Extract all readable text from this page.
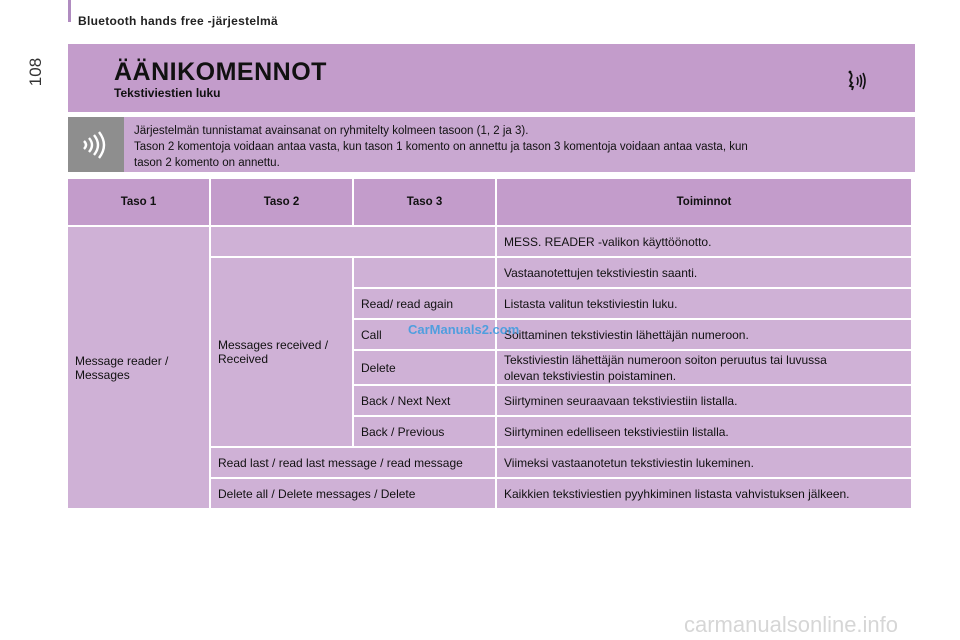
Bluetooth hands free -järjestelmä
108	ÄÄNIKOMENNOT
Tekstiviestien luku
Järjestelmän tunnistamat avainsanat on ryhmitelty kolmeen tasoon (1, 2 ja 3).
Tason 2 komentoja voidaan antaa vasta, kun tason 1 komento on annettu ja tason 3 komentoja voidaan antaa vasta, kun
tason 2 komento on annettu.
Taso 1	Taso 2	Taso 3	Toiminnot

Message reader /
Messages			MESS. READER -valikon käyttöönotto.

	Messages received /
Received		Vastaanotettujen tekstiviestin saanti.
		Read/ read again	Listasta valitun tekstiviestin luku.
		Call	Soittaminen tekstiviestin lähettäjän numeroon.
		Delete	Tekstiviestin lähettäjän numeroon soiton peruutus tai luvussa
olevan tekstiviestin poistaminen.

		Back / Next Next	Siirtyminen seuraavaan tekstiviestiin listalla.
		Back / Previous	Siirtyminen edelliseen tekstiviestiin listalla.
	Read last / read last message / read message		Viimeksi vastaanotetun tekstiviestin lukeminen.
	Delete all / Delete messages / Delete		Kaikkien tekstiviestien pyyhkiminen listasta vahvistuksen jälkeen.
CarManuals2.com
carmanualsonline.info
